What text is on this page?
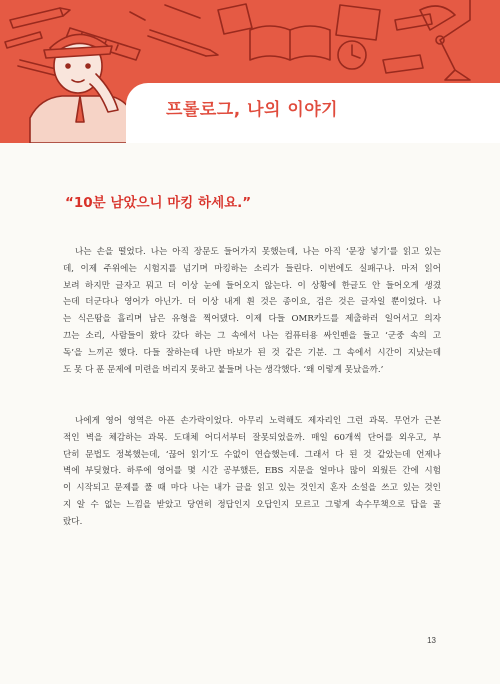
프롤로그, 나의 이야기
“10분 남았으니 마킹 하세요.”
나는 손을 떨었다. 나는 아직 장문도 들어가지 못했는데, 나는 아직 ‘문장 넣기’를 읽고 있는
데, 이제 주위에는 시험지를 넘기며 마킹하는 소리가 들린다. 이번에도 실패구나. 마저 읽어
보려 하지만 글자고 뭐고 더 이상 눈에 들어오지 않는다. 이 상황에 한글도 안 들어오게 생겼
는데 더군다나 영어가 아닌가. 더 이상 내게 흰 것은 종이요, 검은 것은 글자일 뿐이었다. 나
는 식은땀을 흘리며 남은 유형을 찍어댔다. 이제 다들 OMR카드를 제출하러 일어서고 의자
끄는 소리, 사람들이 왔다 갔다 하는 그 속에서 나는 컴퓨터용 싸인펜을 들고 ‘군중 속의 고
독’을 느끼곤 했다. 다들 잘하는데 나만 바보가 된 것 같은 기분. 그 속에서 시간이 지났는데
도 못 다 푼 문제에 미련을 버리지 못하고 붙들며 나는 생각했다. ‘왜 이렇게 못났을까.’
나에게 영어 영역은 아픈 손가락이었다. 아무리 노력해도 제자리인 그런 과목. 무언가 근본
적인 벽을 체감하는 과목. 도대체 어디서부터 잘못되었을까. 매일 60개씩 단어를 외우고, 부
단히 문법도 정복했는데, ‘끊어 읽기’도 수없이 연습했는데. 그래서 다 된 것 같았는데 언제나
벽에 부딪혔다. 하루에 영어를 몇 시간 공부했든, EBS 지문을 얼마나 많이 외웠든 간에 시험
이 시작되고 문제를 풀 때 마다 나는 내가 글을 읽고 있는 것인지 혼자 소설을 쓰고 있는 것인
지 알 수 없는 느낌을 받았고 당연히 정답인지 오답인지 모르고 그렇게 속수무책으로 답을 골
랐다.
13
